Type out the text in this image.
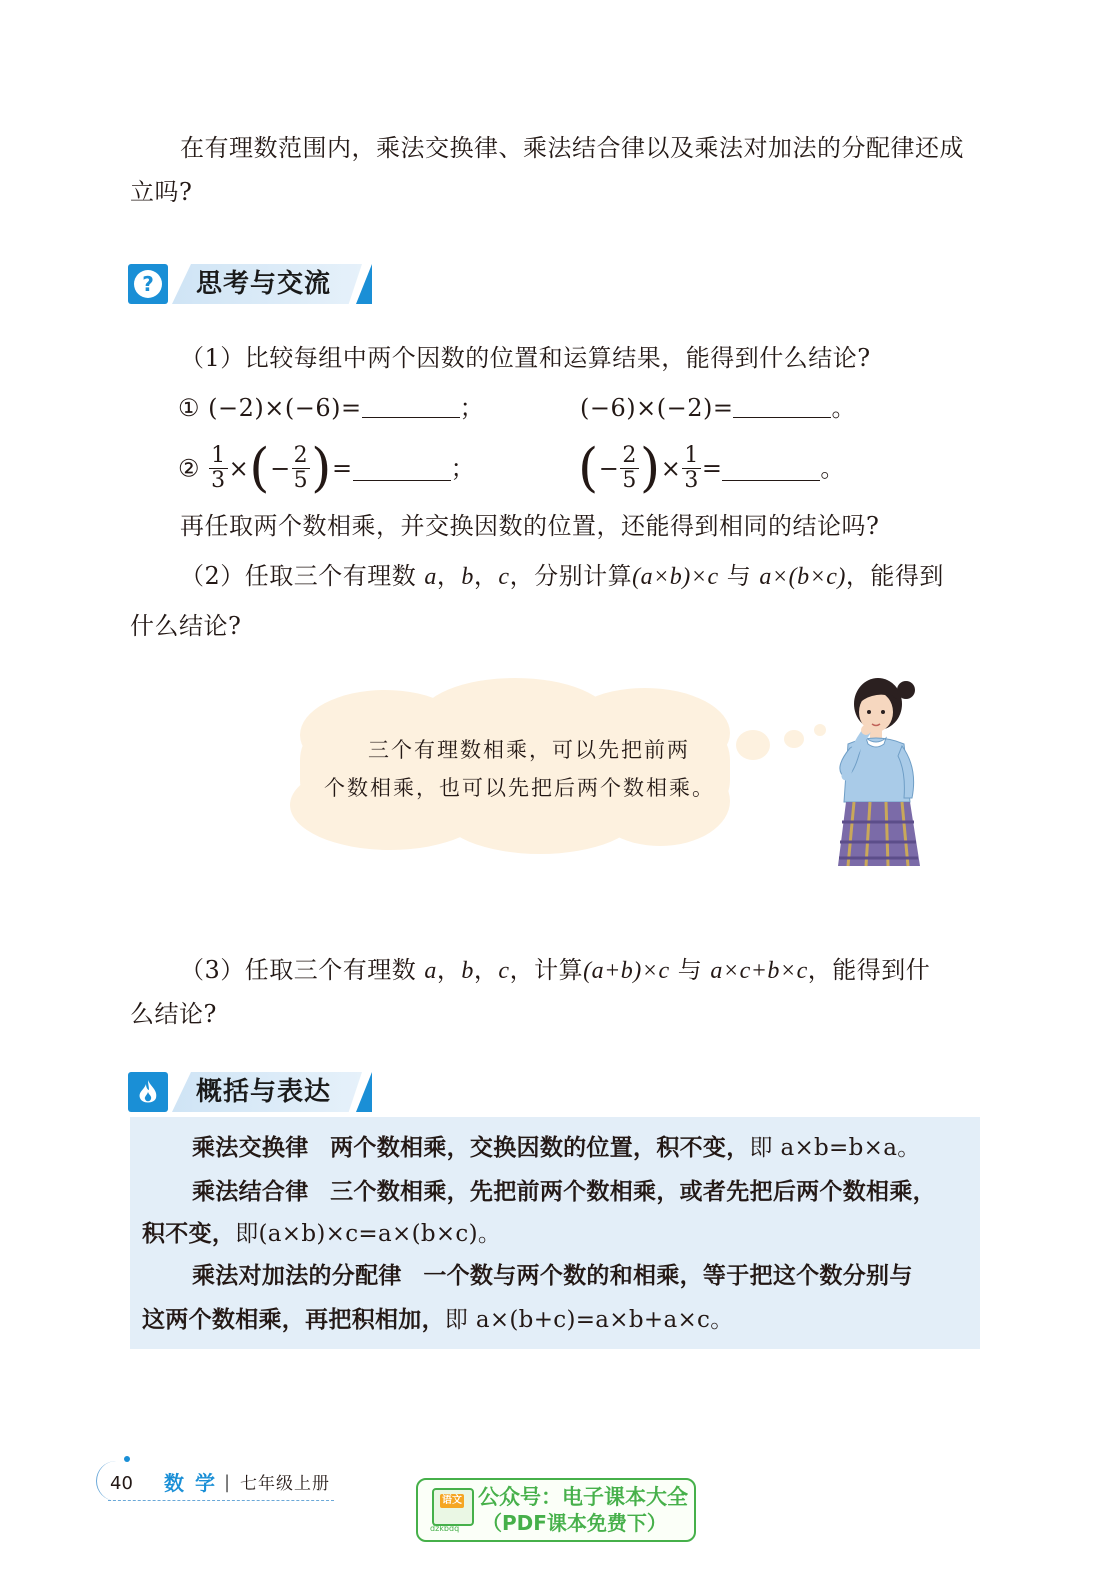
在有理数范围内，乘法交换律、乘法结合律以及乘法对加法的分配律还成
立吗?
?	思考与交流
（1）比较每组中两个因数的位置和运算结果，能得到什么结论?
① (−2)×(−6)=	；	(−6)×(−2)=	。
② $\frac{1}{3}$ ×(− $\frac{2}{5}$ )=	； (− $\frac{2}{5}$ )× $\frac{1}{3}$ =	。
再任取两个数相乘，并交换因数的位置，还能得到相同的结论吗?
（2）任取三个有理数 a，b，c，分别计算(a×b)×c 与 a×(b×c)，能得到
什么结论?
三个有理数相乘，可以先把前两
个数相乘，也可以先把后两个数相乘。
（3）任取三个有理数 a，b，c，计算(a+b)×c 与 a×c+b×c，能得到什
么结论?
概括与表达
乘法交换律 两个数相乘，交换因数的位置，积不变，即 a×b=b×a。
乘法结合律 三个数相乘，先把前两个数相乘，或者先把后两个数相乘，
积不变，即(a×b)×c=a×(b×c)。
乘法对加法的分配律 一个数与两个数的和相乘，等于把这个数分别与
这两个数相乘，再把积相加，即 a×(b+c)=a×b+a×c。
40 数 学 | 七年级上册
语文
dzkbdq
公众号：电子课本大全
（PDF课本免费下）
